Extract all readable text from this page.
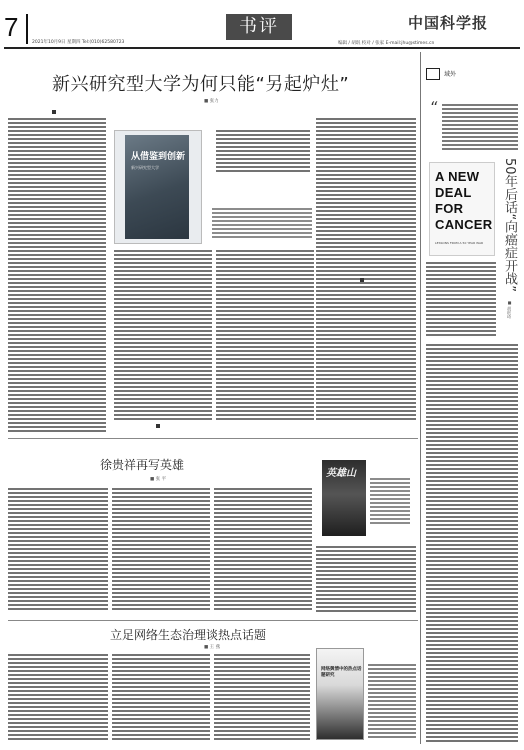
7
2021年10月9日 星期四 Tel:(010)62580723
书评	中国科学报
编辑 / 胡珉 校对 / 张家 E-mail:jhu@stimes.cn
新兴研究型大学为何只能“另起炉灶”
■ 张力
从借鉴到创新
新兴研究型大学
徐贵祥再写英雄
■ 张 平
英雄山
立足网络生态治理谈热点话题
■ 王 燕
网络舆情中的热点话题研究
域外
“
A NEW
DEAL
FOR
CANCER
LESSONS FROM A 50 YEAR WAR 50年后话“向癌症开战”
■ 胡珉琦
